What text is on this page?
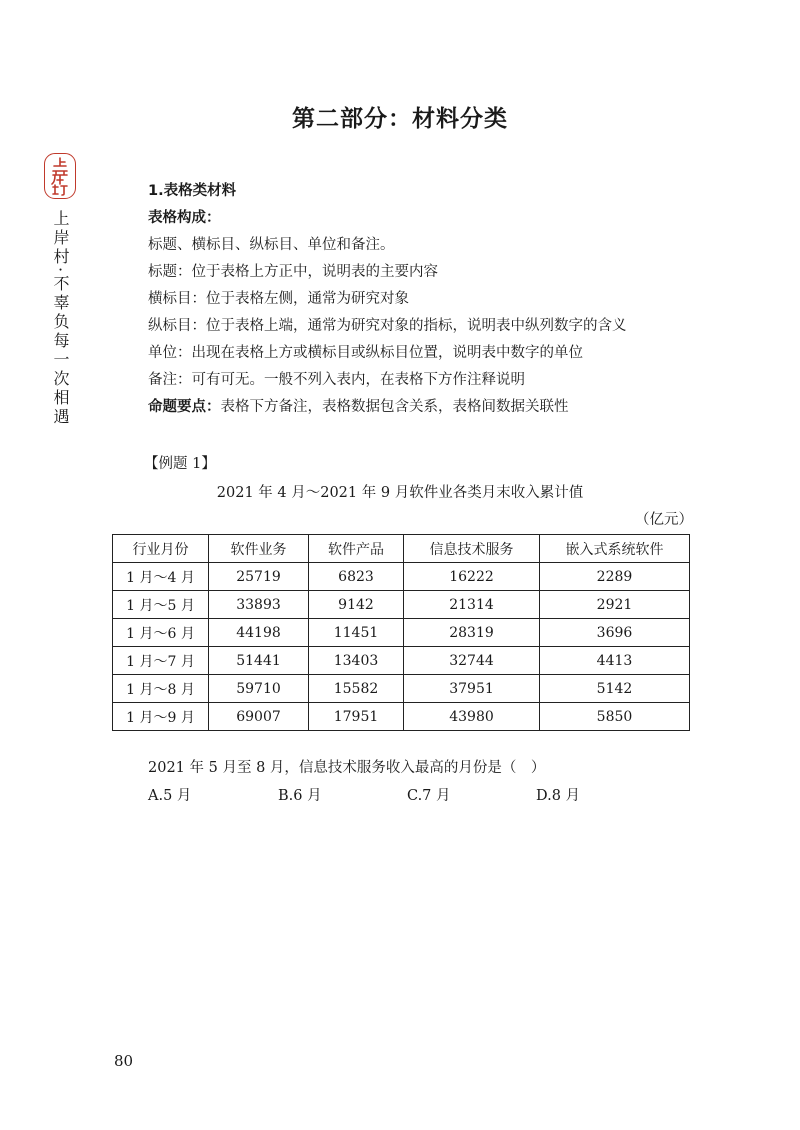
第二部分：材料分类
上岸村·不辜负每一次相遇
1.表格类材料
表格构成：
标题、横标目、纵标目、单位和备注。
标题：位于表格上方正中，说明表的主要内容
横标目：位于表格左侧，通常为研究对象
纵标目：位于表格上端，通常为研究对象的指标，说明表中纵列数字的含义
单位：出现在表格上方或横标目或纵标目位置，说明表中数字的单位
备注：可有可无。一般不列入表内，在表格下方作注释说明
命题要点：表格下方备注，表格数据包含关系，表格间数据关联性
【例题 1】
2021 年 4 月～2021 年 9 月软件业各类月末收入累计值
（亿元）
行业月份	软件业务	软件产品	信息技术服务	嵌入式系统软件
1 月～4 月	25719	6823	16222	2289
1 月～5 月	33893	9142	21314	2921
1 月～6 月	44198	11451	28319	3696
1 月～7 月	51441	13403	32744	4413
1 月～8 月	59710	15582	37951	5142
1 月～9 月	69007	17951	43980	5850
2021 年 5 月至 8 月，信息技术服务收入最高的月份是（　）
A.5 月	B.6 月	C.7 月	D.8 月
80
